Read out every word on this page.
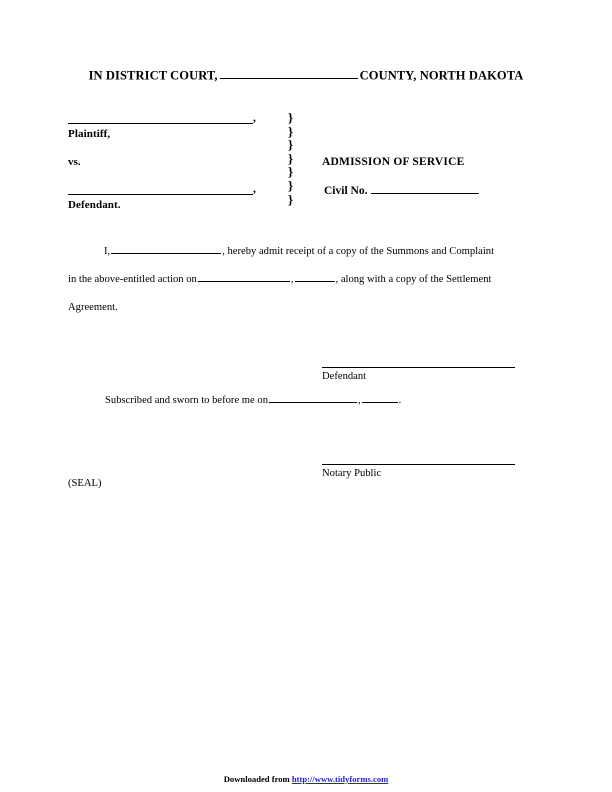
IN DISTRICT COURT,	COUNTY, NORTH DAKOTA
,
Plaintiff,
vs.
,
Defendant.
}
}
}
}
}
}
}
ADMISSION OF SERVICE
Civil No.
I,	, hereby admit receipt of a copy of the Summons and Complaint
in the above-entitled action on	,	, along with a copy of the Settlement
Agreement.
Defendant
Subscribed and sworn to before me on	,	.
Notary Public
(SEAL)
Downloaded from http://www.tidyforms.com
